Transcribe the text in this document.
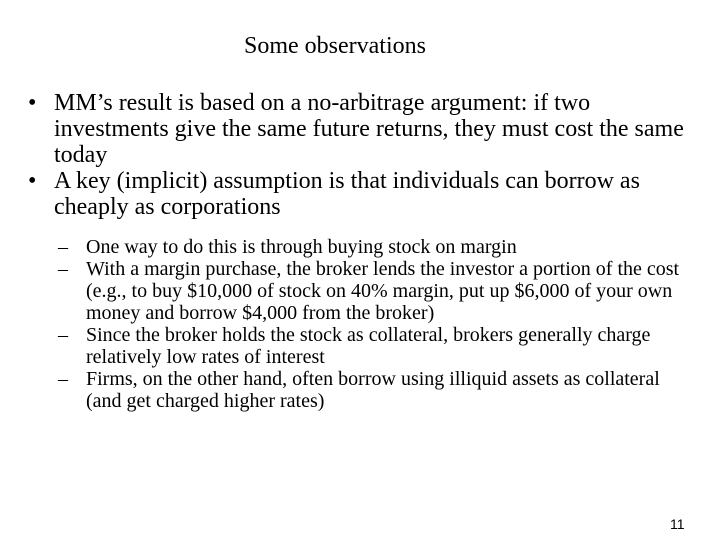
Some observations
• MM’s result is based on a no-arbitrage argument: if two investments give the same future returns, they must cost the same today
• A key (implicit) assumption is that individuals can borrow as cheaply as corporations
– One way to do this is through buying stock on margin
– With a margin purchase, the broker lends the investor a portion of the cost (e.g., to buy $10,000 of stock on 40% margin, put up $6,000 of your own money and borrow $4,000 from the broker)
– Since the broker holds the stock as collateral, brokers generally charge relatively low rates of interest
– Firms, on the other hand, often borrow using illiquid assets as collateral (and get charged higher rates)
11
